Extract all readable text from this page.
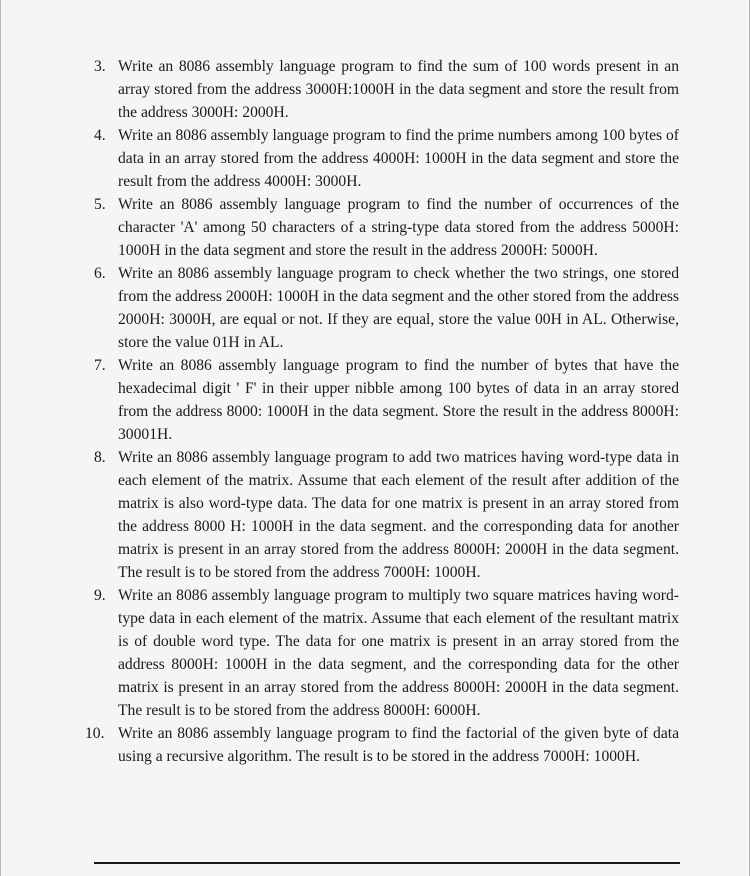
3. Write an 8086 assembly language program to find the sum of 100 words present in an array stored from the address 3000H:1000H in the data segment and store the result from the address 3000H: 2000H.
4. Write an 8086 assembly language program to find the prime numbers among 100 bytes of data in an array stored from the address 4000H: 1000H in the data segment and store the result from the address 4000H: 3000H.
5. Write an 8086 assembly language program to find the number of occurrences of the character 'A' among 50 characters of a string-type data stored from the address 5000H: 1000H in the data segment and store the result in the address 2000H: 5000H.
6. Write an 8086 assembly language program to check whether the two strings, one stored from the address 2000H: 1000H in the data segment and the other stored from the address 2000H: 3000H, are equal or not. If they are equal, store the value 00H in AL. Otherwise, store the value 01H in AL.
7. Write an 8086 assembly language program to find the number of bytes that have the hexadecimal digit ' F' in their upper nibble among 100 bytes of data in an array stored from the address 8000: 1000H in the data segment. Store the result in the address 8000H: 30001H.
8. Write an 8086 assembly language program to add two matrices having word-type data in each element of the matrix. Assume that each element of the result after addition of the matrix is also word-type data. The data for one matrix is present in an array stored from the address 8000 H: 1000H in the data segment. and the corresponding data for another matrix is present in an array stored from the address 8000H: 2000H in the data segment. The result is to be stored from the address 7000H: 1000H.
9. Write an 8086 assembly language program to multiply two square matrices having word-type data in each element of the matrix. Assume that each element of the resultant matrix is of double word type. The data for one matrix is present in an array stored from the address 8000H: 1000H in the data segment, and the corresponding data for the other matrix is present in an array stored from the address 8000H: 2000H in the data segment. The result is to be stored from the address 8000H: 6000H.
10. Write an 8086 assembly language program to find the factorial of the given byte of data using a recursive algorithm. The result is to be stored in the address 7000H: 1000H.
